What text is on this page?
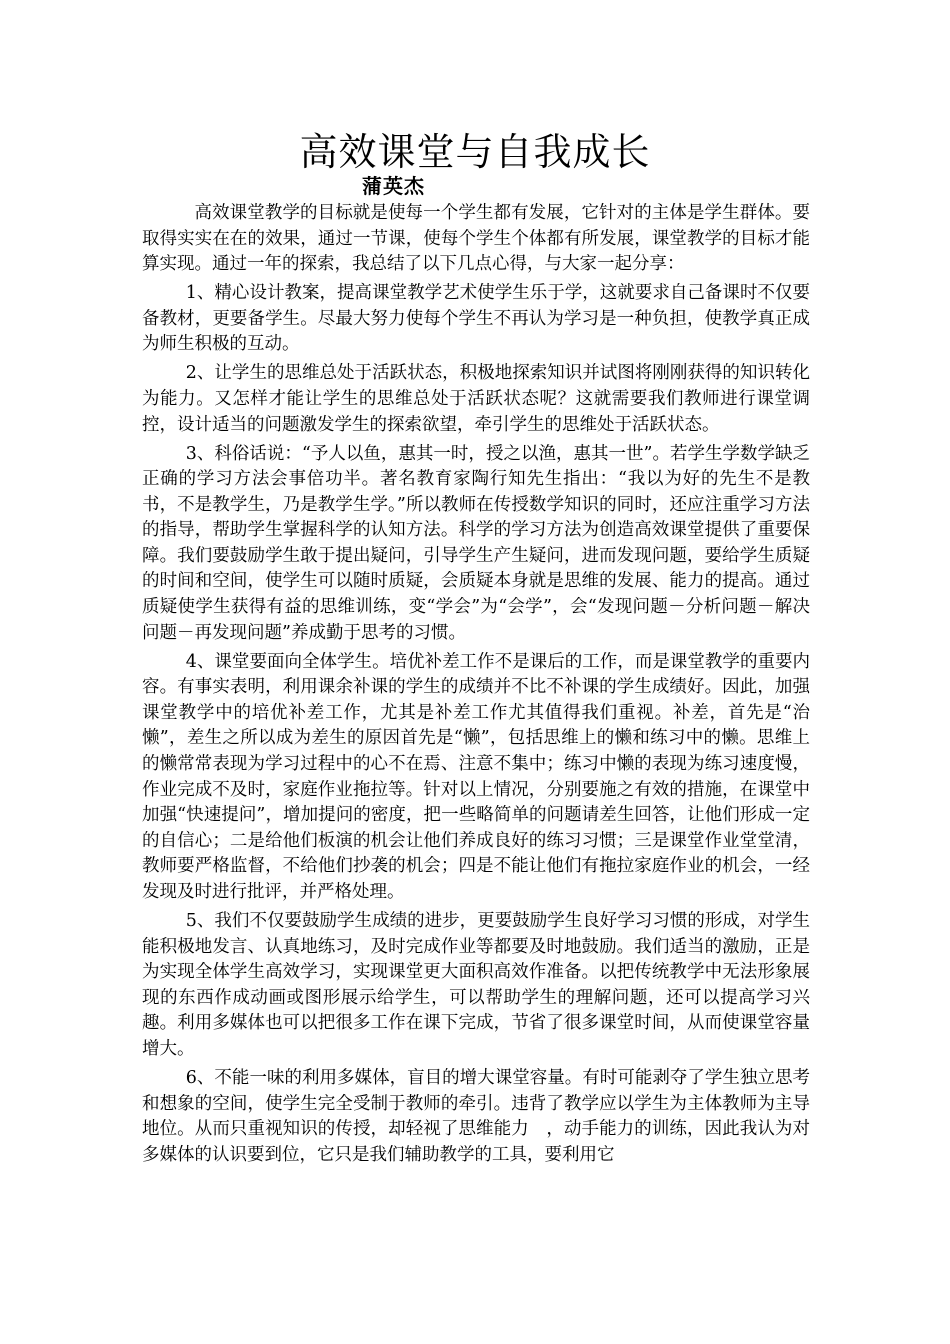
高效课堂与自我成长
蒲英杰

高效课堂教学的目标就是使每一个学生都有发展，它针对的主体是学生群体。要取得实实在在的效果，通过一节课，使每个学生个体都有所发展，课堂教学的目标才能算实现。通过一年的探索，我总结了以下几点心得，与大家一起分享：

1、精心设计教案，提高课堂教学艺术使学生乐于学，这就要求自己备课时不仅要备教材，更要备学生。尽最大努力使每个学生不再认为学习是一种负担，使教学真正成为师生积极的互动。

2、让学生的思维总处于活跃状态，积极地探索知识并试图将刚刚获得的知识转化为能力。又怎样才能让学生的思维总处于活跃状态呢？这就需要我们教师进行课堂调控，设计适当的问题激发学生的探索欲望，牵引学生的思维处于活跃状态。

3、科俗话说：“予人以鱼，惠其一时，授之以渔，惠其一世”。若学生学数学缺乏正确的学习方法会事倍功半。著名教育家陶行知先生指出：“我以为好的先生不是教书，不是教学生，乃是教学生学。”所以教师在传授数学知识的同时，还应注重学习方法的指导，帮助学生掌握科学的认知方法。科学的学习方法为创造高效课堂提供了重要保障。我们要鼓励学生敢于提出疑问，引导学生产生疑问，进而发现问题，要给学生质疑的时间和空间，使学生可以随时质疑，会质疑本身就是思维的发展、能力的提高。通过质疑使学生获得有益的思维训练，变“学会”为“会学”，会“发现问题－分析问题－解决问题－再发现问题”养成勤于思考的习惯。

4、课堂要面向全体学生。培优补差工作不是课后的工作，而是课堂教学的重要内容。有事实表明，利用课余补课的学生的成绩并不比不补课的学生成绩好。因此，加强课堂教学中的培优补差工作，尤其是补差工作尤其值得我们重视。补差，首先是“治懒”，差生之所以成为差生的原因首先是“懒”，包括思维上的懒和练习中的懒。思维上的懒常常表现为学习过程中的心不在焉、注意不集中；练习中懒的表现为练习速度慢，作业完成不及时，家庭作业拖拉等。针对以上情况，分别要施之有效的措施，在课堂中加强“快速提问”，增加提问的密度，把一些略简单的问题请差生回答，让他们形成一定的自信心；二是给他们板演的机会让他们养成良好的练习习惯；三是课堂作业堂堂清，教师要严格监督，不给他们抄袭的机会；四是不能让他们有拖拉家庭作业的机会，一经发现及时进行批评，并严格处理。

5、我们不仅要鼓励学生成绩的进步，更要鼓励学生良好学习习惯的形成，对学生能积极地发言、认真地练习，及时完成作业等都要及时地鼓励。我们适当的激励，正是为实现全体学生高效学习，实现课堂更大面积高效作准备。以把传统教学中无法形象展现的东西作成动画或图形展示给学生，可以帮助学生的理解问题，还可以提高学习兴趣。利用多媒体也可以把很多工作在课下完成，节省了很多课堂时间，从而使课堂容量增大。

6、不能一味的利用多媒体，盲目的增大课堂容量。有时可能剥夺了学生独立思考和想象的空间，使学生完全受制于教师的牵引。违背了教学应以学生为主体教师为主导地位。从而只重视知识的传授，却轻视了思维能力　，动手能力的训练，因此我认为对多媒体的认识要到位，它只是我们辅助教学的工具，要利用它
